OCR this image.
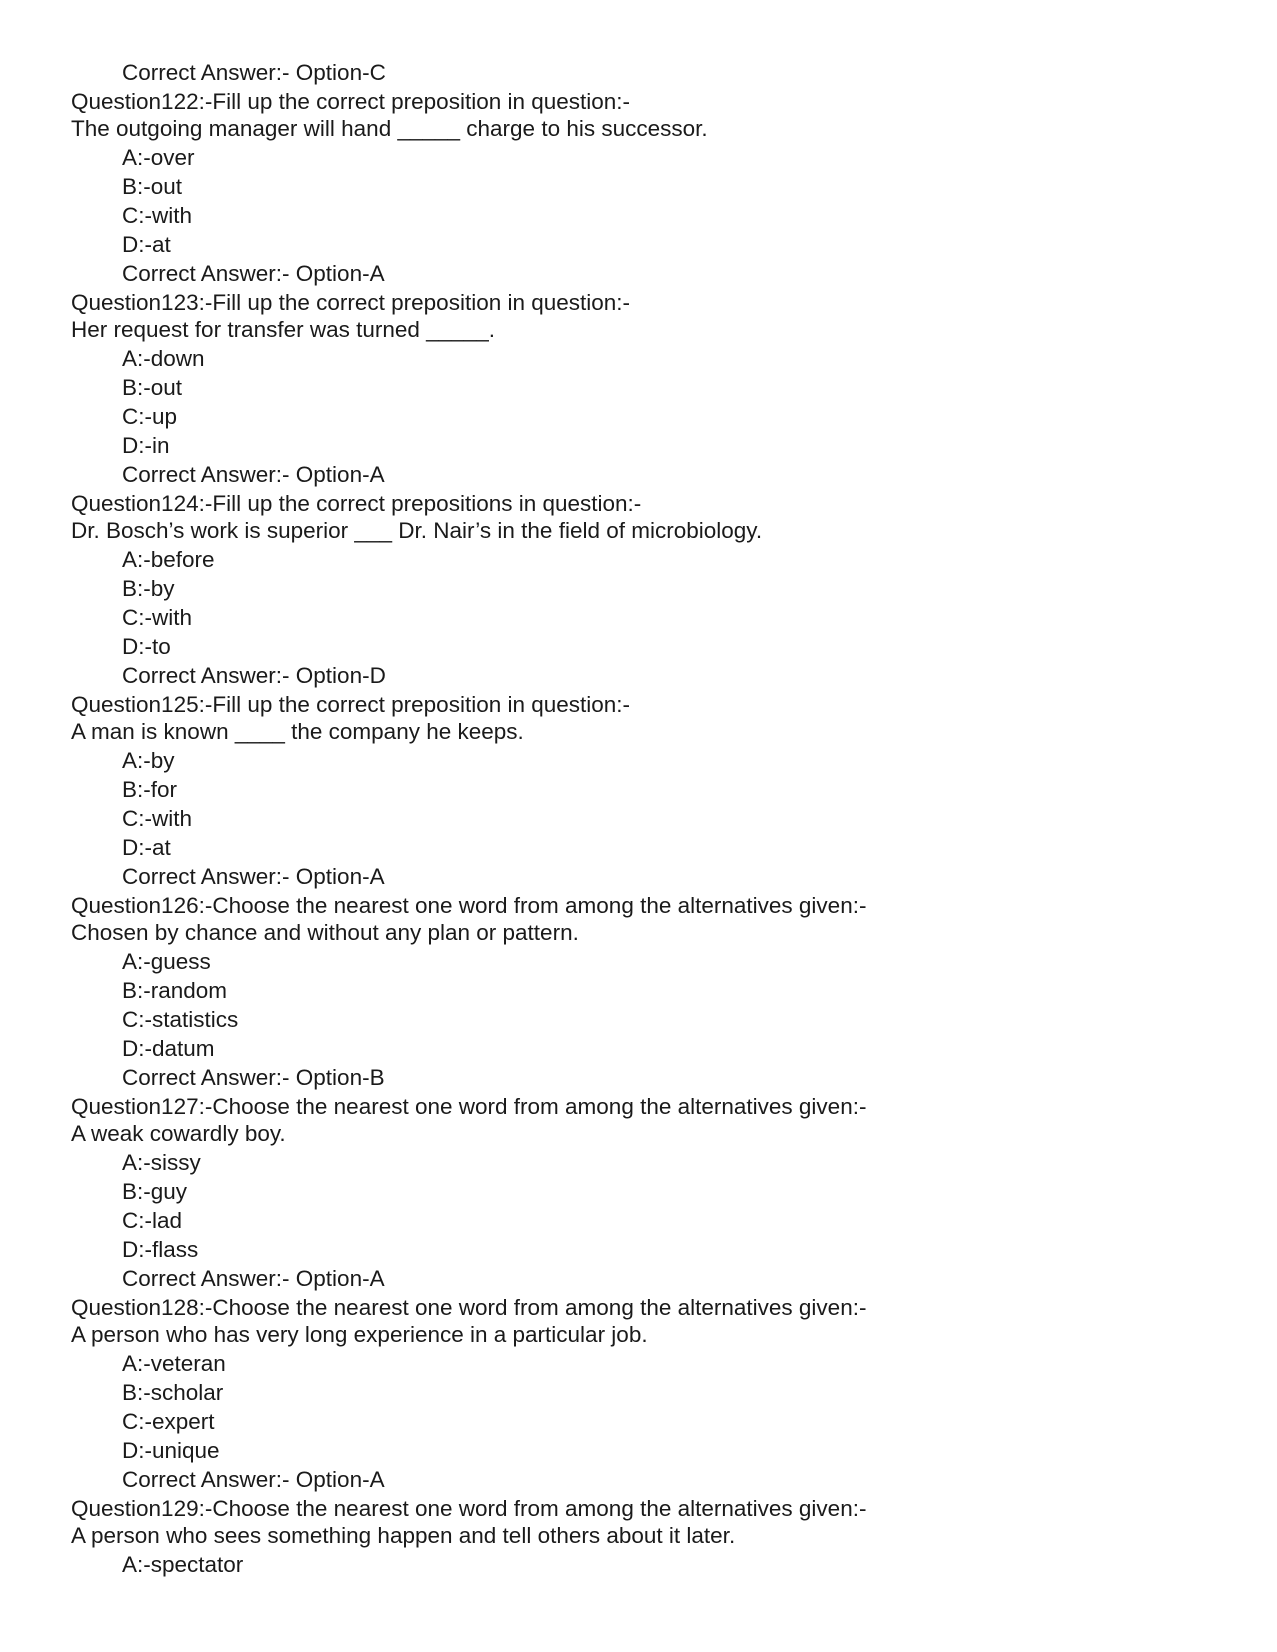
Correct Answer:- Option-C
Question122:-Fill up the correct preposition in question:-
The outgoing manager will hand _____ charge to his successor.
A:-over
B:-out
C:-with
D:-at
Correct Answer:- Option-A
Question123:-Fill up the correct preposition in question:-
Her request for transfer was turned _____.
A:-down
B:-out
C:-up
D:-in
Correct Answer:- Option-A
Question124:-Fill up the correct prepositions in question:-
Dr. Bosch’s work is superior ___ Dr. Nair’s in the field of microbiology.
A:-before
B:-by
C:-with
D:-to
Correct Answer:- Option-D
Question125:-Fill up the correct preposition in question:-
A man is known ____ the company he keeps.
A:-by
B:-for
C:-with
D:-at
Correct Answer:- Option-A
Question126:-Choose the nearest one word from among the alternatives given:-
Chosen by chance and without any plan or pattern.
A:-guess
B:-random
C:-statistics
D:-datum
Correct Answer:- Option-B
Question127:-Choose the nearest one word from among the alternatives given:-
A weak cowardly boy.
A:-sissy
B:-guy
C:-lad
D:-flass
Correct Answer:- Option-A
Question128:-Choose the nearest one word from among the alternatives given:-
A person who has very long experience in a particular job.
A:-veteran
B:-scholar
C:-expert
D:-unique
Correct Answer:- Option-A
Question129:-Choose the nearest one word from among the alternatives given:-
A person who sees something happen and tell others about it later.
A:-spectator
